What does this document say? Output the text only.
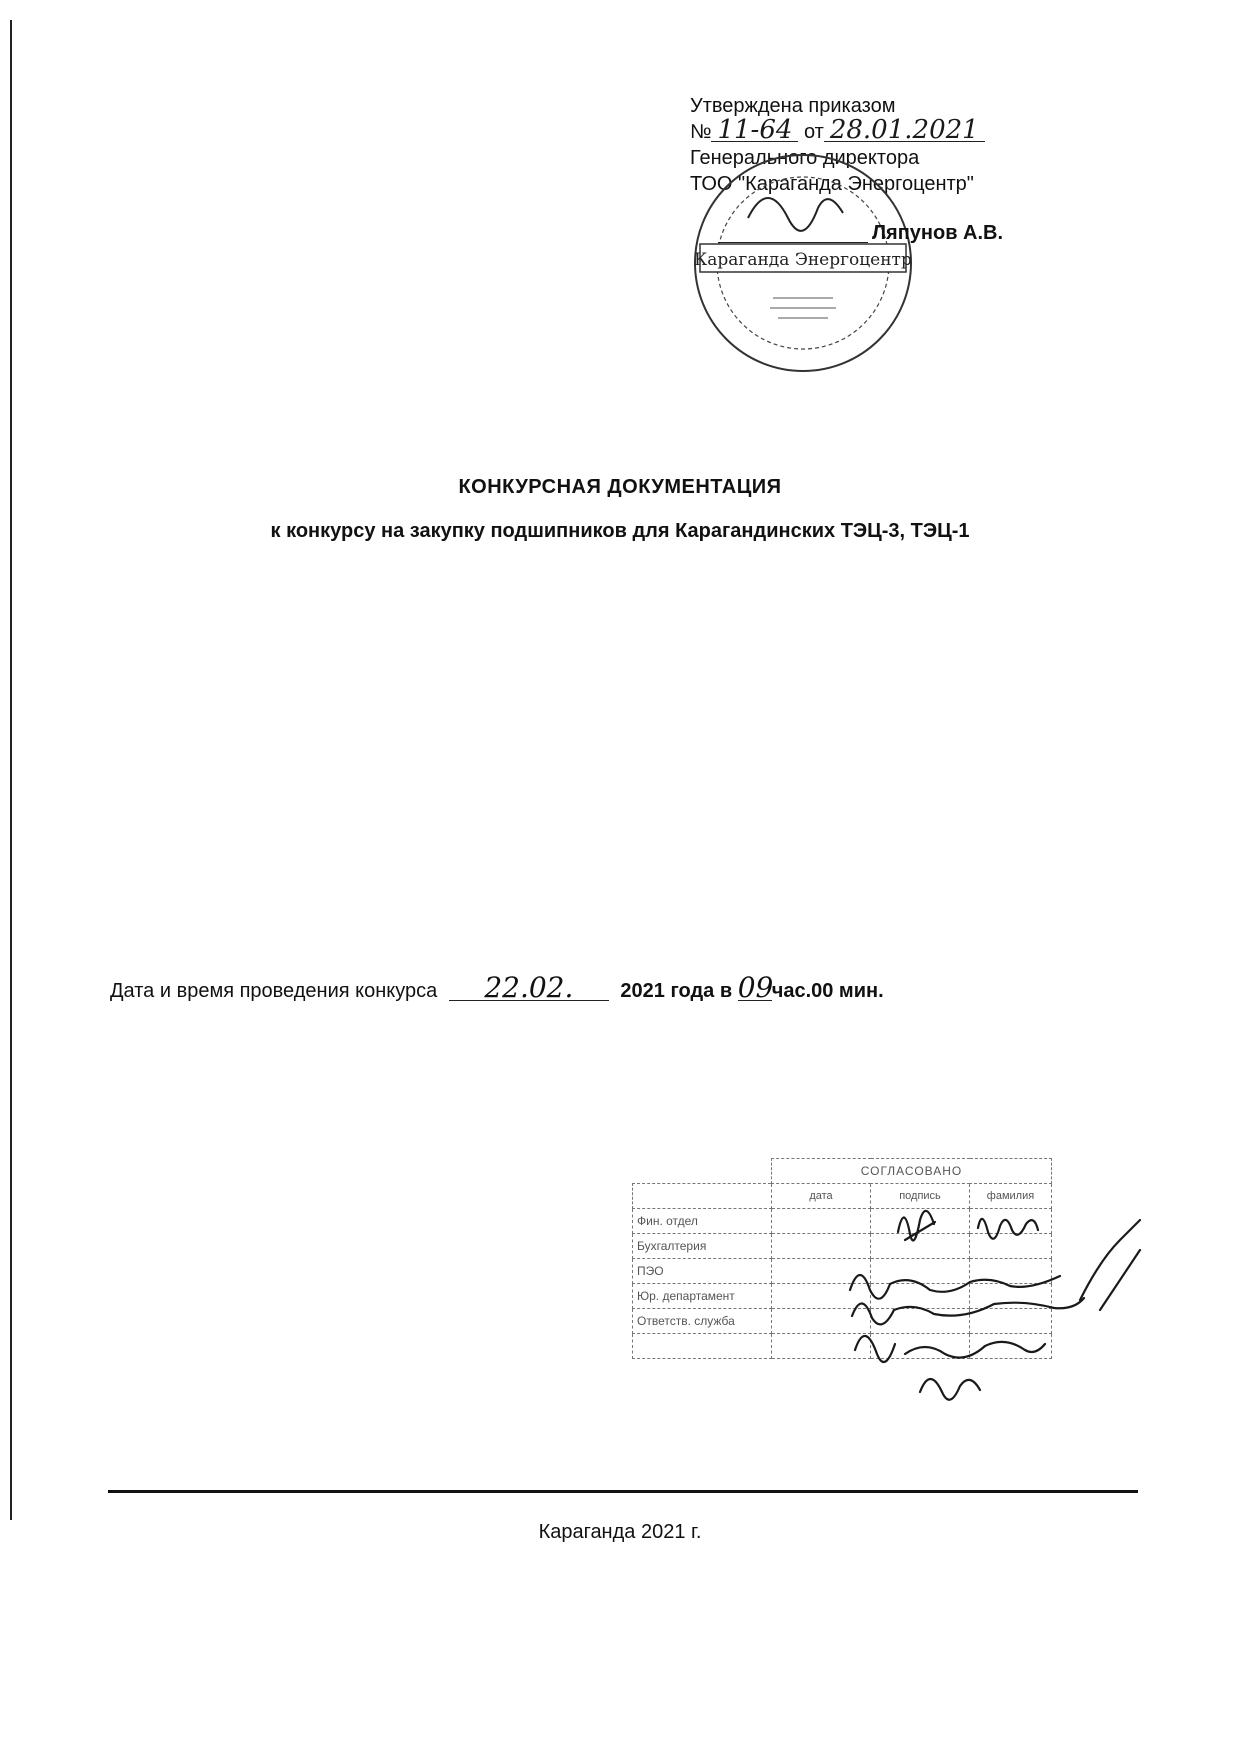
Утверждена приказом
№ 11-64 от 28.01.2021
Генерального директора
ТОО "Караганда Энергоцентр"
Караганда Энергоцентр
Ляпунов А.В.
КОНКУРСНАЯ ДОКУМЕНТАЦИЯ
к конкурсу на закупку подшипников для Карагандинских ТЭЦ-3, ТЭЦ-1
Дата и время проведения конкурса 22.02. 2021 года в 09час.00 мин.
	СОГЛАСОВАНО		
	дата	подпись	фамилия
Фин. отдел			
Бухгалтерия			
ПЭО			
Юр. департамент			
Ответств. служба			

Караганда 2021 г.
